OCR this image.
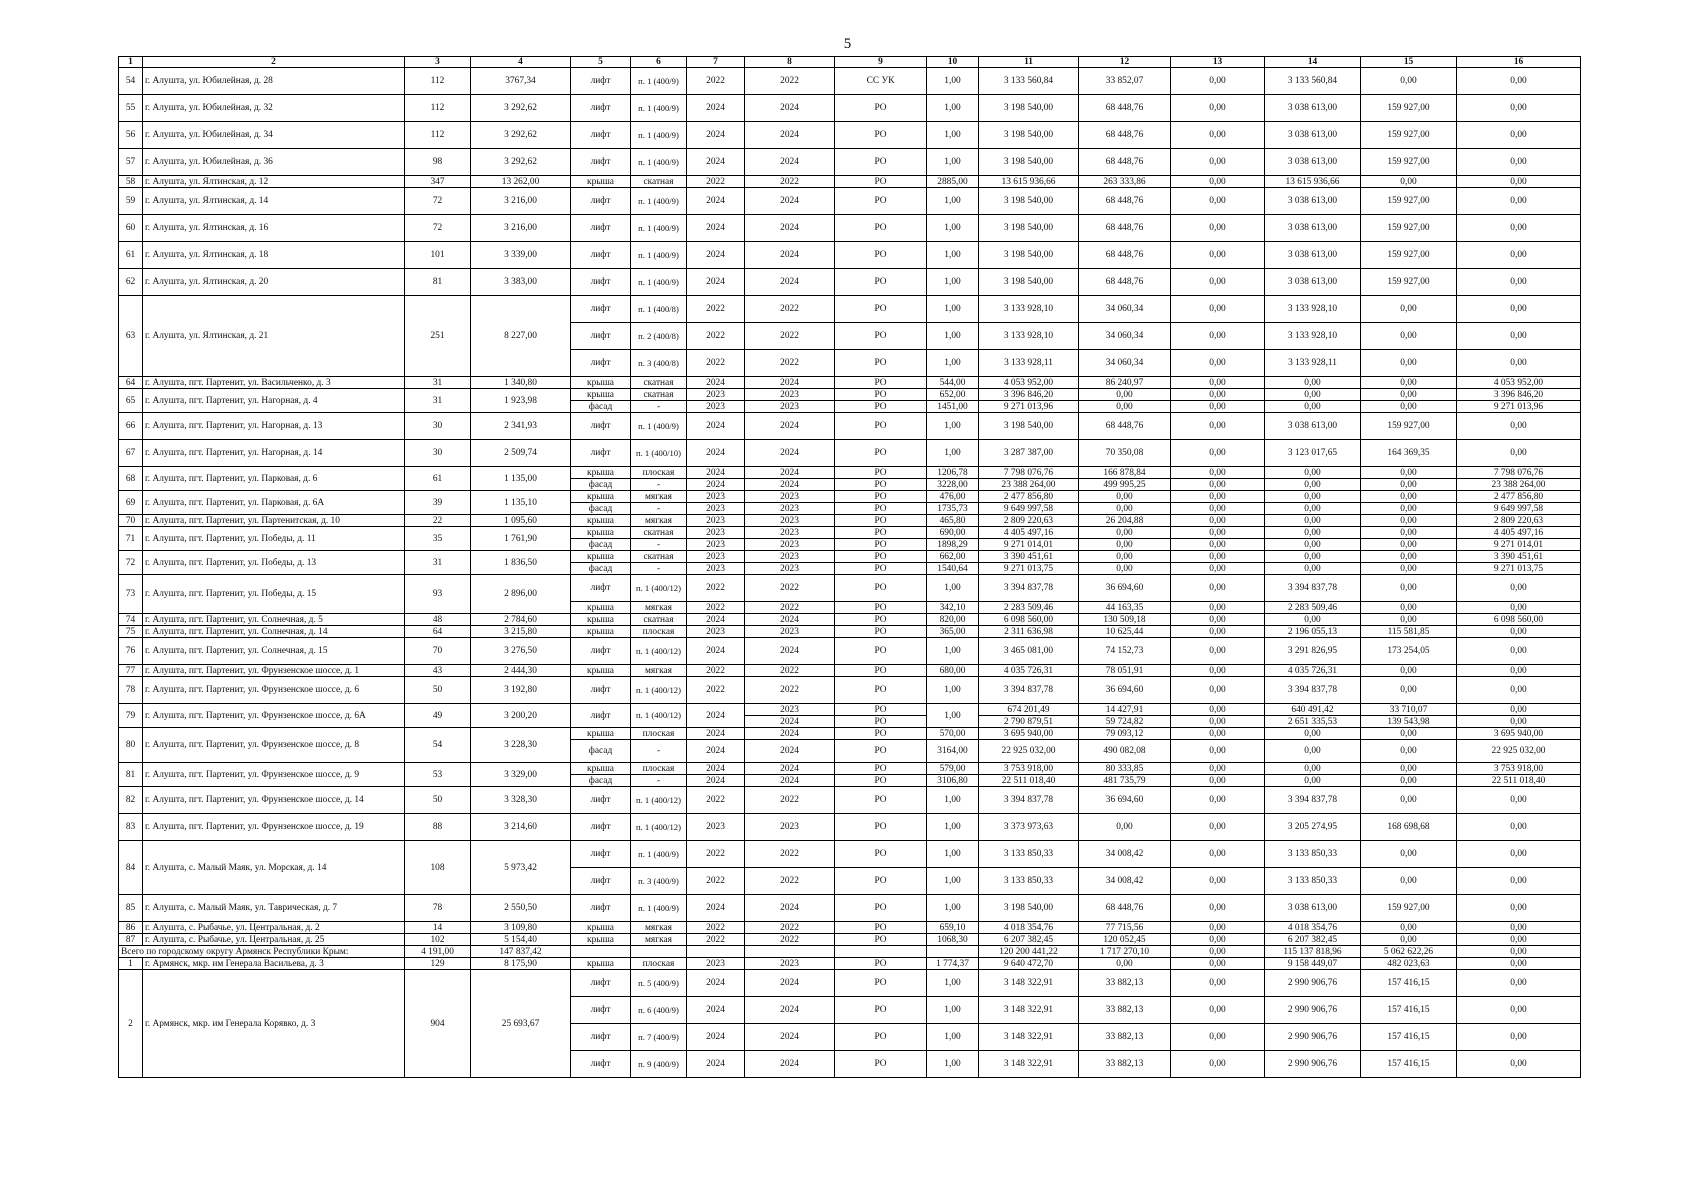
5
1	2	3	4	5	6	7	8	9	10	11	12	13	14	15	16
54	г. Алушта, ул. Юбилейная, д. 28	112	3767,34	лифт	п. 1 (400/9)	2022	2022	СС УК	1,00	3 133 560,84	33 852,07	0,00	3 133 560,84	0,00	0,00
55	г. Алушта, ул. Юбилейная, д. 32	112	3 292,62	лифт	п. 1 (400/9)	2024	2024	РО	1,00	3 198 540,00	68 448,76	0,00	3 038 613,00	159 927,00	0,00
56	г. Алушта, ул. Юбилейная, д. 34	112	3 292,62	лифт	п. 1 (400/9)	2024	2024	РО	1,00	3 198 540,00	68 448,76	0,00	3 038 613,00	159 927,00	0,00
57	г. Алушта, ул. Юбилейная, д. 36	98	3 292,62	лифт	п. 1 (400/9)	2024	2024	РО	1,00	3 198 540,00	68 448,76	0,00	3 038 613,00	159 927,00	0,00
58	г. Алушта, ул. Ялтинская, д. 12	347	13 262,00	крыша	скатная	2022	2022	РО	2885,00	13 615 936,66	263 333,86	0,00	13 615 936,66	0,00	0,00
59	г. Алушта, ул. Ялтинская, д. 14	72	3 216,00	лифт	п. 1 (400/9)	2024	2024	РО	1,00	3 198 540,00	68 448,76	0,00	3 038 613,00	159 927,00	0,00
60	г. Алушта, ул. Ялтинская, д. 16	72	3 216,00	лифт	п. 1 (400/9)	2024	2024	РО	1,00	3 198 540,00	68 448,76	0,00	3 038 613,00	159 927,00	0,00
61	г. Алушта, ул. Ялтинская, д. 18	101	3 339,00	лифт	п. 1 (400/9)	2024	2024	РО	1,00	3 198 540,00	68 448,76	0,00	3 038 613,00	159 927,00	0,00
62	г. Алушта, ул. Ялтинская, д. 20	81	3 383,00	лифт	п. 1 (400/9)	2024	2024	РО	1,00	3 198 540,00	68 448,76	0,00	3 038 613,00	159 927,00	0,00
63	г. Алушта, ул. Ялтинская, д. 21	251	8 227,00	лифт	п. 1 (400/8)	2022	2022	РО	1,00	3 133 928,10	34 060,34	0,00	3 133 928,10	0,00	0,00
				лифт	п. 2 (400/8)	2022	2022	РО	1,00	3 133 928,10	34 060,34	0,00	3 133 928,10	0,00	0,00
				лифт	п. 3 (400/8)	2022	2022	РО	1,00	3 133 928,11	34 060,34	0,00	3 133 928,11	0,00	0,00
64	г. Алушта, пгт. Партенит, ул. Васильченко, д. 3	31	1 340,80	крыша	скатная	2024	2024	РО	544,00	4 053 952,00	86 240,97	0,00	0,00	0,00	4 053 952,00
65	г. Алушта, пгт. Партенит, ул. Нагорная, д. 4	31	1 923,98	крыша	скатная	2023	2023	РО	652,00	3 396 846,20	0,00	0,00	0,00	0,00	3 396 846,20
				фасад	-	2023	2023	РО	1451,00	9 271 013,96	0,00	0,00	0,00	0,00	9 271 013,96
66	г. Алушта, пгт. Партенит, ул. Нагорная, д. 13	30	2 341,93	лифт	п. 1 (400/9)	2024	2024	РО	1,00	3 198 540,00	68 448,76	0,00	3 038 613,00	159 927,00	0,00
67	г. Алушта, пгт. Партенит, ул. Нагорная, д. 14	30	2 509,74	лифт	п. 1 (400/10)	2024	2024	РО	1,00	3 287 387,00	70 350,08	0,00	3 123 017,65	164 369,35	0,00
68	г. Алушта, пгт. Партенит, ул. Парковая, д. 6	61	1 135,00	крыша	плоская	2024	2024	РО	1206,78	7 798 076,76	166 878,84	0,00	0,00	0,00	7 798 076,76
				фасад	-	2024	2024	РО	3228,00	23 388 264,00	499 995,25	0,00	0,00	0,00	23 388 264,00
69	г. Алушта, пгт. Партенит, ул. Парковая, д. 6А	39	1 135,10	крыша	мягкая	2023	2023	РО	476,00	2 477 856,80	0,00	0,00	0,00	0,00	2 477 856,80
				фасад	-	2023	2023	РО	1735,73	9 649 997,58	0,00	0,00	0,00	0,00	9 649 997,58
70	г. Алушта, пгт. Партенит, ул. Партенитская, д. 10	22	1 095,60	крыша	мягкая	2023	2023	РО	465,80	2 809 220,63	26 204,88	0,00	0,00	0,00	2 809 220,63
71	г. Алушта, пгт. Партенит, ул. Победы, д. 11	35	1 761,90	крыша	скатная	2023	2023	РО	690,00	4 405 497,16	0,00	0,00	0,00	0,00	4 405 497,16
				фасад	-	2023	2023	РО	1898,29	9 271 014,01	0,00	0,00	0,00	0,00	9 271 014,01
72	г. Алушта, пгт. Партенит, ул. Победы, д. 13	31	1 836,50	крыша	скатная	2023	2023	РО	662,00	3 390 451,61	0,00	0,00	0,00	0,00	3 390 451,61
				фасад	-	2023	2023	РО	1540,64	9 271 013,75	0,00	0,00	0,00	0,00	9 271 013,75
73	г. Алушта, пгт. Партенит, ул. Победы, д. 15	93	2 896,00	лифт	п. 1 (400/12)	2022	2022	РО	1,00	3 394 837,78	36 694,60	0,00	3 394 837,78	0,00	0,00
				крыша	мягкая	2022	2022	РО	342,10	2 283 509,46	44 163,35	0,00	2 283 509,46	0,00	0,00
74	г. Алушта, пгт. Партенит, ул. Солнечная, д. 5	48	2 784,60	крыша	скатная	2024	2024	РО	820,00	6 098 560,00	130 509,18	0,00	0,00	0,00	6 098 560,00
75	г. Алушта, пгт. Партенит, ул. Солнечная, д. 14	64	3 215,80	крыша	плоская	2023	2023	РО	365,00	2 311 636,98	10 625,44	0,00	2 196 055,13	115 581,85	0,00
76	г. Алушта, пгт. Партенит, ул. Солнечная, д. 15	70	3 276,50	лифт	п. 1 (400/12)	2024	2024	РО	1,00	3 465 081,00	74 152,73	0,00	3 291 826,95	173 254,05	0,00
77	г. Алушта, пгт. Партенит, ул. Фрунзенское шоссе, д. 1	43	2 444,30	крыша	мягкая	2022	2022	РО	680,00	4 035 726,31	78 051,91	0,00	4 035 726,31	0,00	0,00
78	г. Алушта, пгт. Партенит, ул. Фрунзенское шоссе, д. 6	50	3 192,80	лифт	п. 1 (400/12)	2022	2022	РО	1,00	3 394 837,78	36 694,60	0,00	3 394 837,78	0,00	0,00
79	г. Алушта, пгт. Партенит, ул. Фрунзенское шоссе, д. 6А	49	3 200,20	лифт	п. 1 (400/12)	2024	2023	РО	1,00	674 201,49	14 427,91	0,00	640 491,42	33 710,07	0,00
							2024	РО		2 790 879,51	59 724,82	0,00	2 651 335,53	139 543,98	0,00
80	г. Алушта, пгт. Партенит, ул. Фрунзенское шоссе, д. 8	54	3 228,30	крыша	плоская	2024	2024	РО	570,00	3 695 940,00	79 093,12	0,00	0,00	0,00	3 695 940,00
				фасад	-	2024	2024	РО	3164,00	22 925 032,00	490 082,08	0,00	0,00	0,00	22 925 032,00
81	г. Алушта, пгт. Партенит, ул. Фрунзенское шоссе, д. 9	53	3 329,00	крыша	плоская	2024	2024	РО	579,00	3 753 918,00	80 333,85	0,00	0,00	0,00	3 753 918,00
				фасад	-	2024	2024	РО	3106,80	22 511 018,40	481 735,79	0,00	0,00	0,00	22 511 018,40
82	г. Алушта, пгт. Партенит, ул. Фрунзенское шоссе, д. 14	50	3 328,30	лифт	п. 1 (400/12)	2022	2022	РО	1,00	3 394 837,78	36 694,60	0,00	3 394 837,78	0,00	0,00
83	г. Алушта, пгт. Партенит, ул. Фрунзенское шоссе, д. 19	88	3 214,60	лифт	п. 1 (400/12)	2023	2023	РО	1,00	3 373 973,63	0,00	0,00	3 205 274,95	168 698,68	0,00
84	г. Алушта, с. Малый Маяк, ул. Морская, д. 14	108	5 973,42	лифт	п. 1 (400/9)	2022	2022	РО	1,00	3 133 850,33	34 008,42	0,00	3 133 850,33	0,00	0,00
				лифт	п. 3 (400/9)	2022	2022	РО	1,00	3 133 850,33	34 008,42	0,00	3 133 850,33	0,00	0,00
85	г. Алушта, с. Малый Маяк, ул. Таврическая, д. 7	78	2 550,50	лифт	п. 1 (400/9)	2024	2024	РО	1,00	3 198 540,00	68 448,76	0,00	3 038 613,00	159 927,00	0,00
86	г. Алушта, с. Рыбачье, ул. Центральная, д. 2	14	3 109,80	крыша	мягкая	2022	2022	РО	659,10	4 018 354,76	77 715,56	0,00	4 018 354,76	0,00	0,00
87	г. Алушта, с. Рыбачье, ул. Центральная, д. 25	102	5 154,40	крыша	мягкая	2022	2022	РО	1068,30	6 207 382,45	120 052,45	0,00	6 207 382,45	0,00	0,00
Всего по городскому округу Армянск Республики Крым:		4 191,00	147 837,42							120 200 441,22	1 717 270,10	0,00	115 137 818,96	5 062 622,26	0,00
1	г. Армянск, мкр. им Генерала Васильева, д. 3	129	8 175,90	крыша	плоская	2023	2023	РО	1 774,37	9 640 472,70	0,00	0,00	9 158 449,07	482 023,63	0,00
2	г. Армянск, мкр. им Генерала Корявко, д. 3	904	25 693,67	лифт	п. 5 (400/9)	2024	2024	РО	1,00	3 148 322,91	33 882,13	0,00	2 990 906,76	157 416,15	0,00
				лифт	п. 6 (400/9)	2024	2024	РО	1,00	3 148 322,91	33 882,13	0,00	2 990 906,76	157 416,15	0,00
				лифт	п. 7 (400/9)	2024	2024	РО	1,00	3 148 322,91	33 882,13	0,00	2 990 906,76	157 416,15	0,00
				лифт	п. 9 (400/9)	2024	2024	РО	1,00	3 148 322,91	33 882,13	0,00	2 990 906,76	157 416,15	0,00
